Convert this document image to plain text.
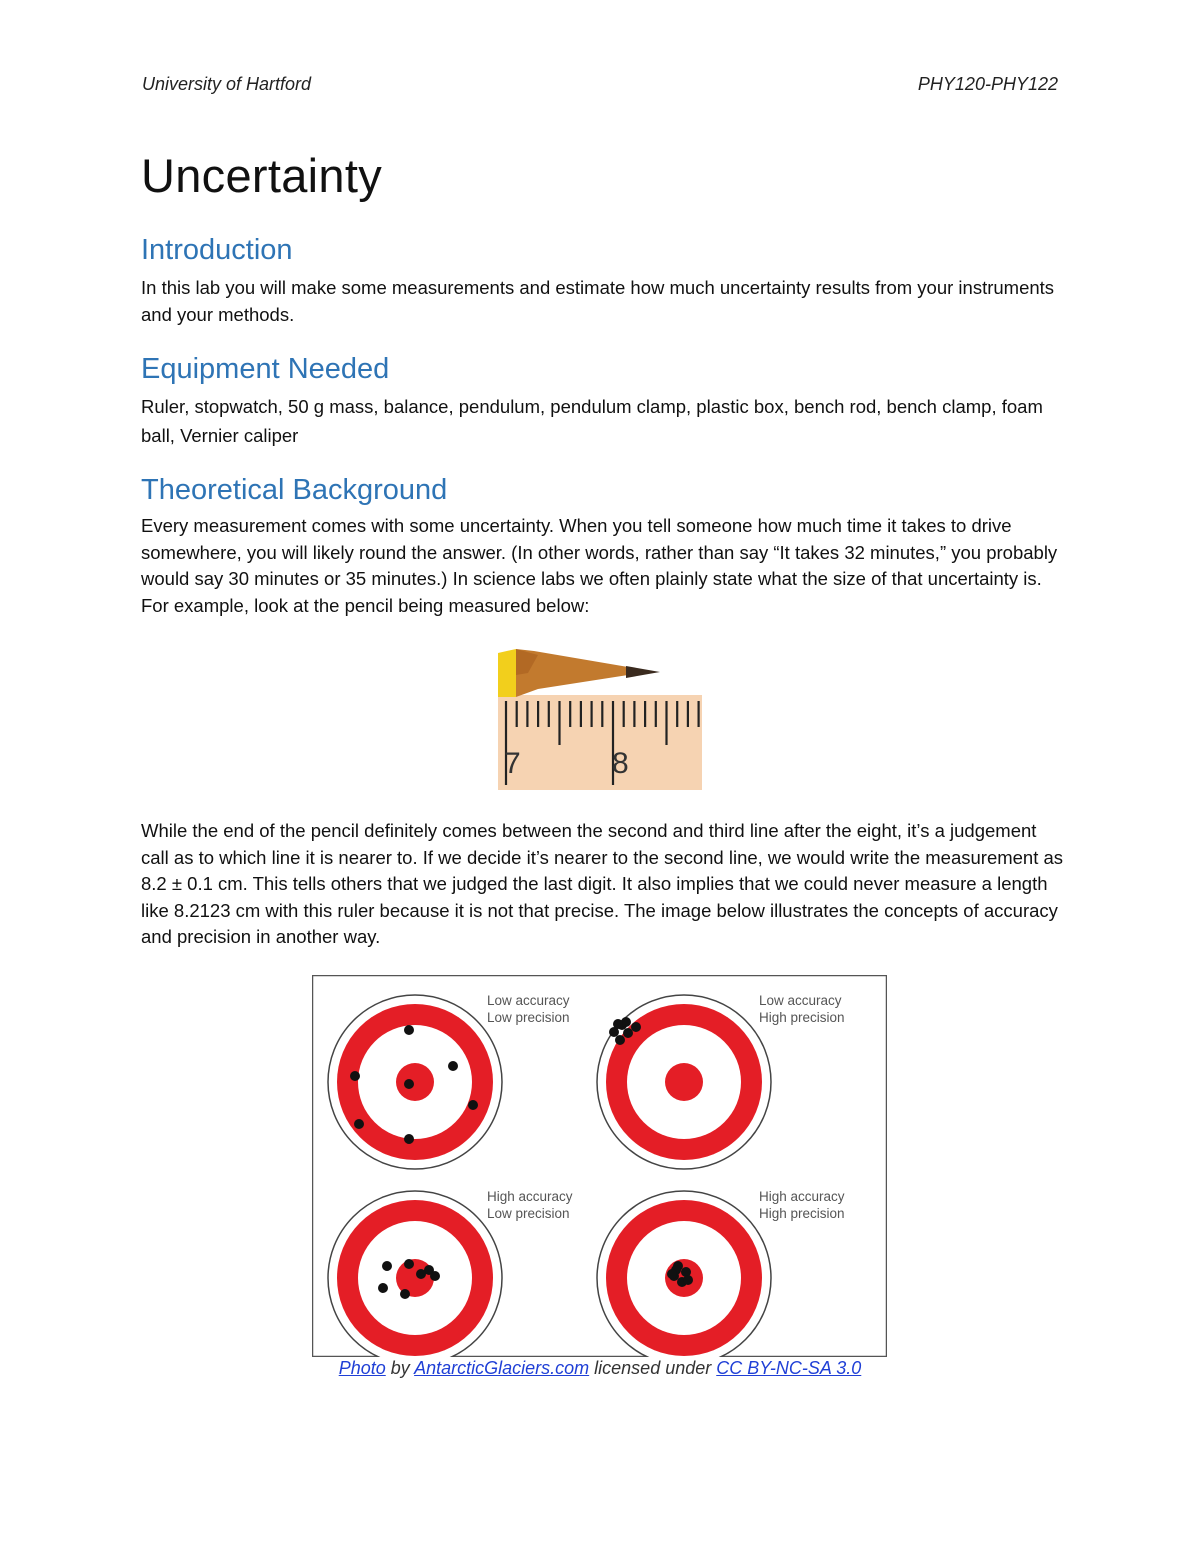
University of Hartford	PHY120-PHY122
Uncertainty
Introduction

In this lab you will make some measurements and estimate how much uncertainty results from your instruments and your methods.

Equipment Needed

Ruler, stopwatch, 50 g mass, balance, pendulum, pendulum clamp, plastic box, bench rod, bench clamp, foam ball, Vernier caliper

Theoretical Background

Every measurement comes with some uncertainty. When you tell someone how much time it takes to drive somewhere, you will likely round the answer. (In other words, rather than say “It takes 32 minutes,” you probably would say 30 minutes or 35 minutes.) In science labs we often plainly state what the size of that uncertainty is. For example, look at the pencil being measured below:

7	8

While the end of the pencil definitely comes between the second and third line after the eight, it’s a judgement call as to which line it is nearer to. If we decide it’s nearer to the second line, we would write the measurement as 8.2 ± 0.1 cm. This tells others that we judged the last digit. It also implies that we could never measure a length like 8.2123 cm with this ruler because it is not that precise. The image below illustrates the concepts of accuracy and precision in another way.

Low accuracy
Low precision
Low accuracy
High precision
High accuracy
Low precision
High accuracy
High precision
Photo by AntarcticGlaciers.com licensed under CC BY-NC-SA 3.0
